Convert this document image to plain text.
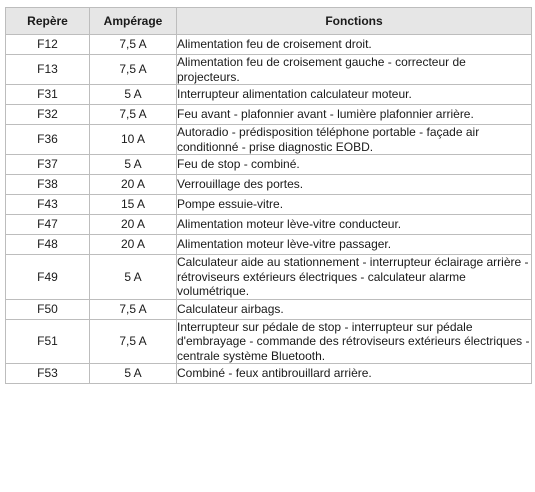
Repère	Ampérage	Fonctions
F12	7,5 A	Alimentation feu de croisement droit.
F13	7,5 A	Alimentation feu de croisement gauche - correcteur de projecteurs.
F31	5 A	Interrupteur alimentation calculateur moteur.
F32	7,5 A	Feu avant - plafonnier avant - lumière plafonnier arrière.
F36	10 A	Autoradio - prédisposition téléphone portable - façade air conditionné - prise diagnostic EOBD.
F37	5 A	Feu de stop - combiné.
F38	20 A	Verrouillage des portes.
F43	15 A	Pompe essuie-vitre.
F47	20 A	Alimentation moteur lève-vitre conducteur.
F48	20 A	Alimentation moteur lève-vitre passager.
F49	5 A	Calculateur aide au stationnement - interrupteur éclairage arrière - rétroviseurs extérieurs électriques - calculateur alarme volumétrique.
F50	7,5 A	Calculateur airbags.
F51	7,5 A	Interrupteur sur pédale de stop - interrupteur sur pédale d'embrayage - commande des rétroviseurs extérieurs électriques - centrale système Bluetooth.
F53	5 A	Combiné - feux antibrouillard arrière.
